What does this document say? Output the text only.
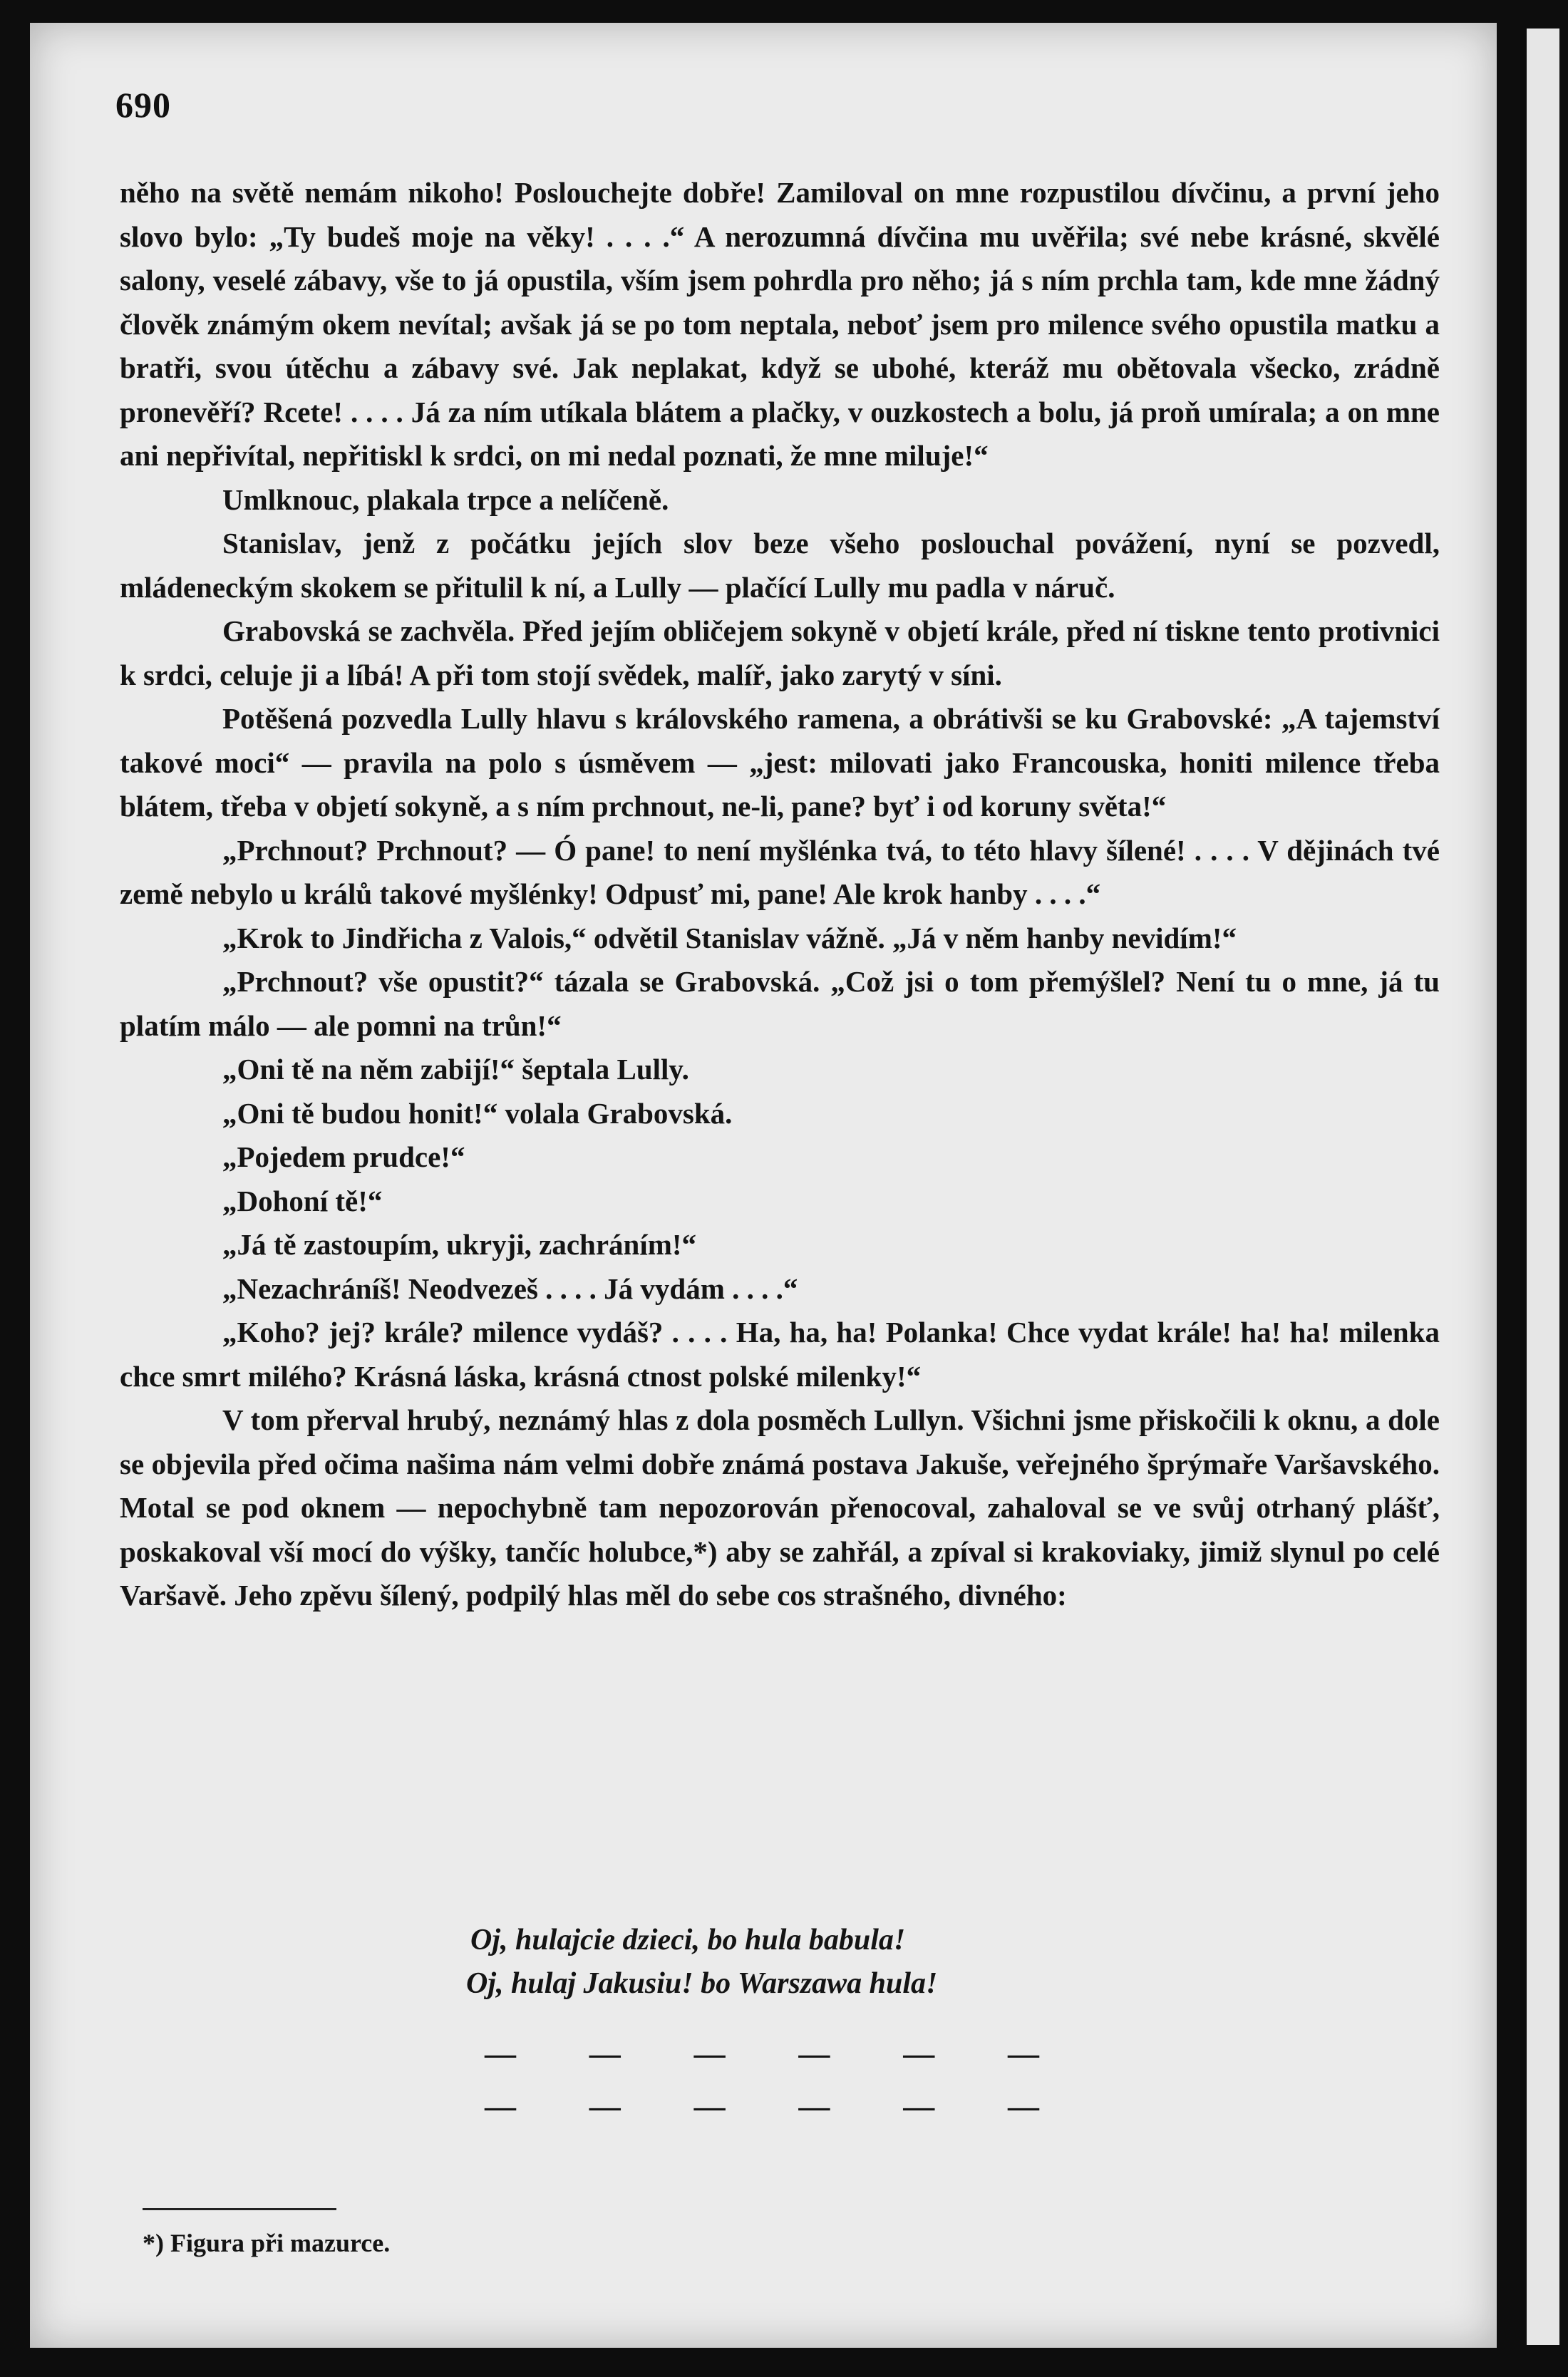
690

něho na světě nemám nikoho! Poslouchejte dobře! Zamiloval on mne rozpustilou dívčinu, a první jeho slovo bylo: „Ty budeš moje na věky! . . . .“ A nerozumná dívčina mu uvěřila; své nebe krásné, skvělé salony, veselé zábavy, vše to já opustila, vším jsem pohrdla pro něho; já s ním prchla tam, kde mne žádný člověk známým okem nevítal; avšak já se po tom neptala, neboť jsem pro milence svého opustila matku a bratři, svou útěchu a zábavy své. Jak neplakat, když se ubohé, kteráž mu obětovala všecko, zrádně pronevěří? Rcete! . . . . Já za ním utíkala blátem a plačky, v ouzkostech a bolu, já proň umírala; a on mne ani nepřivítal, nepřitiskl k srdci, on mi nedal poznati, že mne miluje!“

Umlknouc, plakala trpce a nelíčeně.

Stanislav, jenž z počátku jejích slov beze všeho poslouchal povážení, nyní se pozvedl, mládeneckým skokem se přitulil k ní, a Lully — plačící Lully mu padla v náruč.

Grabovská se zachvěla. Před jejím obličejem sokyně v objetí krále, před ní tiskne tento protivnici k srdci, celuje ji a líbá! A při tom stojí svědek, malíř, jako zarytý v síni.

Potěšená pozvedla Lully hlavu s královského ramena, a obrátivši se ku Grabovské: „A tajemství takové moci“ — pravila na polo s úsměvem — „jest: milovati jako Francouska, honiti milence třeba blátem, třeba v objetí sokyně, a s ním prchnout, ne-li, pane? byť i od koruny světa!“

„Prchnout? Prchnout? — Ó pane! to není myšlénka tvá, to této hlavy šílené! . . . . V dějinách tvé země nebylo u králů takové myšlénky! Odpusť mi, pane! Ale krok hanby . . . .“

„Krok to Jindřicha z Valois,“ odvětil Stanislav vážně. „Já v něm hanby nevidím!“

„Prchnout? vše opustit?“ tázala se Grabovská. „Což jsi o tom přemýšlel? Není tu o mne, já tu platím málo — ale pomni na trůn!“

„Oni tě na něm zabijí!“ šeptala Lully.

„Oni tě budou honit!“ volala Grabovská.

„Pojedem prudce!“

„Dohoní tě!“

„Já tě zastoupím, ukryji, zachráním!“

„Nezachráníš! Neodvezeš . . . . Já vydám . . . .“

„Koho? jej? krále? milence vydáš? . . . . Ha, ha, ha! Polanka! Chce vydat krále! ha! ha! milenka chce smrt milého? Krásná láska, krásná ctnost polské milenky!“

V tom přerval hrubý, neznámý hlas z dola posměch Lullyn. Všichni jsme přiskočili k oknu, a dole se objevila před očima našima nám velmi dobře známá postava Jakuše, veřejného šprýmaře Varšavského. Motal se pod oknem — nepochybně tam nepozorován přenocoval, zahaloval se ve svůj otrhaný plášť, poskakoval vší mocí do výšky, tančíc holubce,*) aby se zahřál, a zpíval si krakoviaky, jimiž slynul po celé Varšavě. Jeho zpěvu šílený, podpilý hlas měl do sebe cos strašného, divného:

Oj, hulajcie dzieci, bo hula babula!
Oj, hulaj Jakusiu! bo Warszawa hula!
— — — — — —
— — — — — —
*) Figura při mazurce.
